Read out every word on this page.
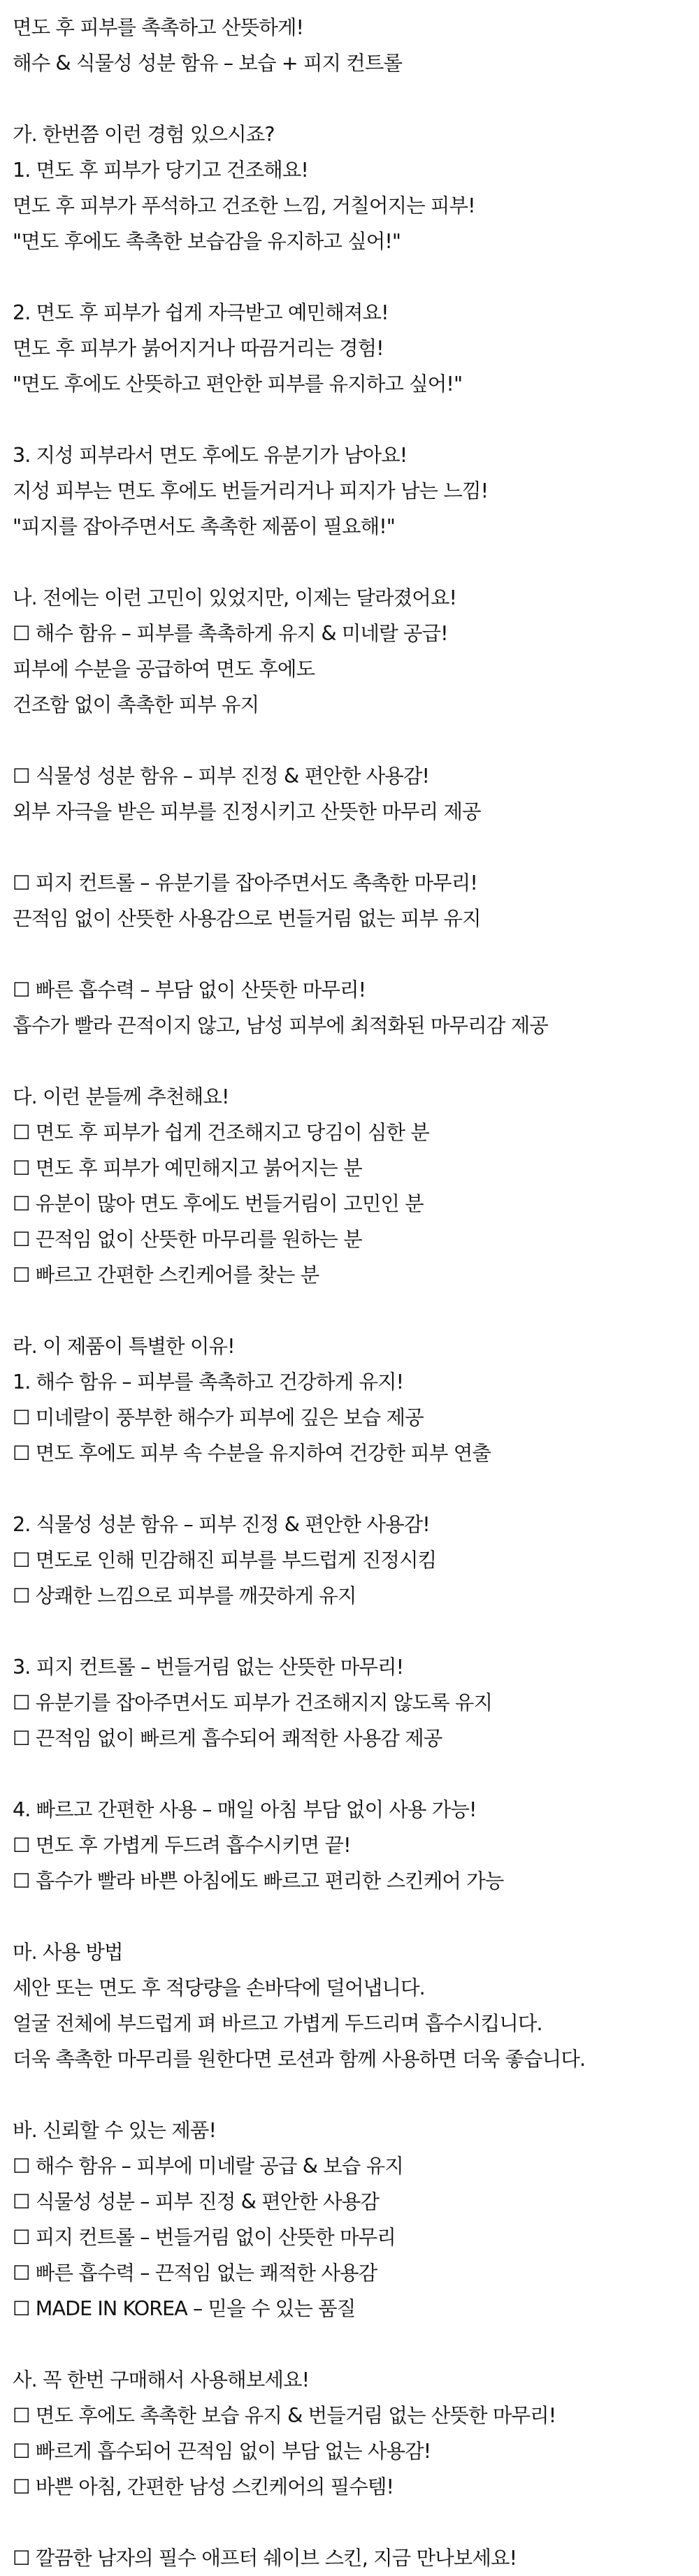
면도 후 피부를 촉촉하고 산뜻하게!
해수 & 식물성 성분 함유 – 보습 + 피지 컨트롤
가. 한번쯤 이런 경험 있으시죠?
1. 면도 후 피부가 당기고 건조해요!
면도 후 피부가 푸석하고 건조한 느낌, 거칠어지는 피부!
"면도 후에도 촉촉한 보습감을 유지하고 싶어!"
2. 면도 후 피부가 쉽게 자극받고 예민해져요!
면도 후 피부가 붉어지거나 따끔거리는 경험!
"면도 후에도 산뜻하고 편안한 피부를 유지하고 싶어!"
3. 지성 피부라서 면도 후에도 유분기가 남아요!
지성 피부는 면도 후에도 번들거리거나 피지가 남는 느낌!
"피지를 잡아주면서도 촉촉한 제품이 필요해!"
나. 전에는 이런 고민이 있었지만, 이제는 달라졌어요!
☐ 해수 함유 – 피부를 촉촉하게 유지 & 미네랄 공급!
피부에 수분을 공급하여 면도 후에도
건조함 없이 촉촉한 피부 유지
☐ 식물성 성분 함유 – 피부 진정 & 편안한 사용감!
외부 자극을 받은 피부를 진정시키고 산뜻한 마무리 제공
☐ 피지 컨트롤 – 유분기를 잡아주면서도 촉촉한 마무리!
끈적임 없이 산뜻한 사용감으로 번들거림 없는 피부 유지
☐ 빠른 흡수력 – 부담 없이 산뜻한 마무리!
흡수가 빨라 끈적이지 않고, 남성 피부에 최적화된 마무리감 제공
다. 이런 분들께 추천해요!
☐ 면도 후 피부가 쉽게 건조해지고 당김이 심한 분
☐ 면도 후 피부가 예민해지고 붉어지는 분
☐ 유분이 많아 면도 후에도 번들거림이 고민인 분
☐ 끈적임 없이 산뜻한 마무리를 원하는 분
☐ 빠르고 간편한 스킨케어를 찾는 분
라. 이 제품이 특별한 이유!
1. 해수 함유 – 피부를 촉촉하고 건강하게 유지!
☐ 미네랄이 풍부한 해수가 피부에 깊은 보습 제공
☐ 면도 후에도 피부 속 수분을 유지하여 건강한 피부 연출
2. 식물성 성분 함유 – 피부 진정 & 편안한 사용감!
☐ 면도로 인해 민감해진 피부를 부드럽게 진정시킴
☐ 상쾌한 느낌으로 피부를 깨끗하게 유지
3. 피지 컨트롤 – 번들거림 없는 산뜻한 마무리!
☐ 유분기를 잡아주면서도 피부가 건조해지지 않도록 유지
☐ 끈적임 없이 빠르게 흡수되어 쾌적한 사용감 제공
4. 빠르고 간편한 사용 – 매일 아침 부담 없이 사용 가능!
☐ 면도 후 가볍게 두드려 흡수시키면 끝!
☐ 흡수가 빨라 바쁜 아침에도 빠르고 편리한 스킨케어 가능
마. 사용 방법
세안 또는 면도 후 적당량을 손바닥에 덜어냅니다.
얼굴 전체에 부드럽게 펴 바르고 가볍게 두드리며 흡수시킵니다.
더욱 촉촉한 마무리를 원한다면 로션과 함께 사용하면 더욱 좋습니다.
바. 신뢰할 수 있는 제품!
☐ 해수 함유 – 피부에 미네랄 공급 & 보습 유지
☐ 식물성 성분 – 피부 진정 & 편안한 사용감
☐ 피지 컨트롤 – 번들거림 없이 산뜻한 마무리
☐ 빠른 흡수력 – 끈적임 없는 쾌적한 사용감
☐ MADE IN KOREA – 믿을 수 있는 품질
사. 꼭 한번 구매해서 사용해보세요!
☐ 면도 후에도 촉촉한 보습 유지 & 번들거림 없는 산뜻한 마무리!
☐ 빠르게 흡수되어 끈적임 없이 부담 없는 사용감!
☐ 바쁜 아침, 간편한 남성 스킨케어의 필수템!
☐ 깔끔한 남자의 필수 애프터 쉐이브 스킨, 지금 만나보세요!
